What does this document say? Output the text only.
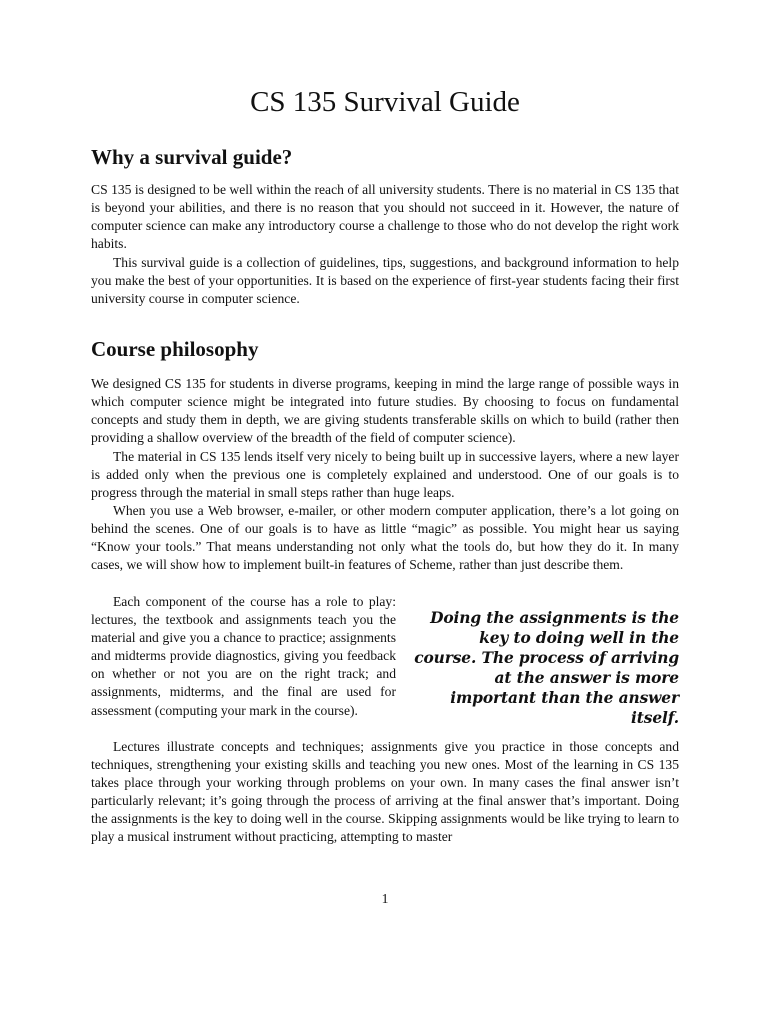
CS 135 Survival Guide
Why a survival guide?

CS 135 is designed to be well within the reach of all university students. There is no material in CS 135 that is beyond your abilities, and there is no reason that you should not succeed in it. However, the nature of computer science can make any introductory course a challenge to those who do not develop the right work habits.

This survival guide is a collection of guidelines, tips, suggestions, and background information to help you make the best of your opportunities. It is based on the experience of first-year students facing their first university course in computer science.

Course philosophy

We designed CS 135 for students in diverse programs, keeping in mind the large range of possible ways in which computer science might be integrated into future studies. By choosing to focus on fundamental concepts and study them in depth, we are giving students transferable skills on which to build (rather then providing a shallow overview of the breadth of the field of computer science).

The material in CS 135 lends itself very nicely to being built up in successive layers, where a new layer is added only when the previous one is completely explained and understood. One of our goals is to progress through the material in small steps rather than huge leaps.

When you use a Web browser, e-mailer, or other modern computer application, there’s a lot going on behind the scenes. One of our goals is to have as little “magic” as possible. You might hear us saying “Know your tools.” That means understanding not only what the tools do, but how they do it. In many cases, we will show how to implement built-in features of Scheme, rather than just describe them.

Each component of the course has a role to play: lectures, the textbook and assignments teach you the material and give you a chance to practice; assignments and midterms provide diagnostics, giving you feedback on whether or not you are on the right track; and assignments, midterms, and the final are used for assessment (computing your mark in the course).

Doing the assignments is the key to doing well in the course. The process of arriving at the answer is more important than the answer itself.

Lectures illustrate concepts and techniques; assignments give you practice in those concepts and techniques, strengthening your existing skills and teaching you new ones. Most of the learning in CS 135 takes place through your working through problems on your own. In many cases the final answer isn’t particularly relevant; it’s going through the process of arriving at the final answer that’s important. Doing the assignments is the key to doing well in the course. Skipping assignments would be like trying to learn to play a musical instrument without practicing, attempting to master

1
